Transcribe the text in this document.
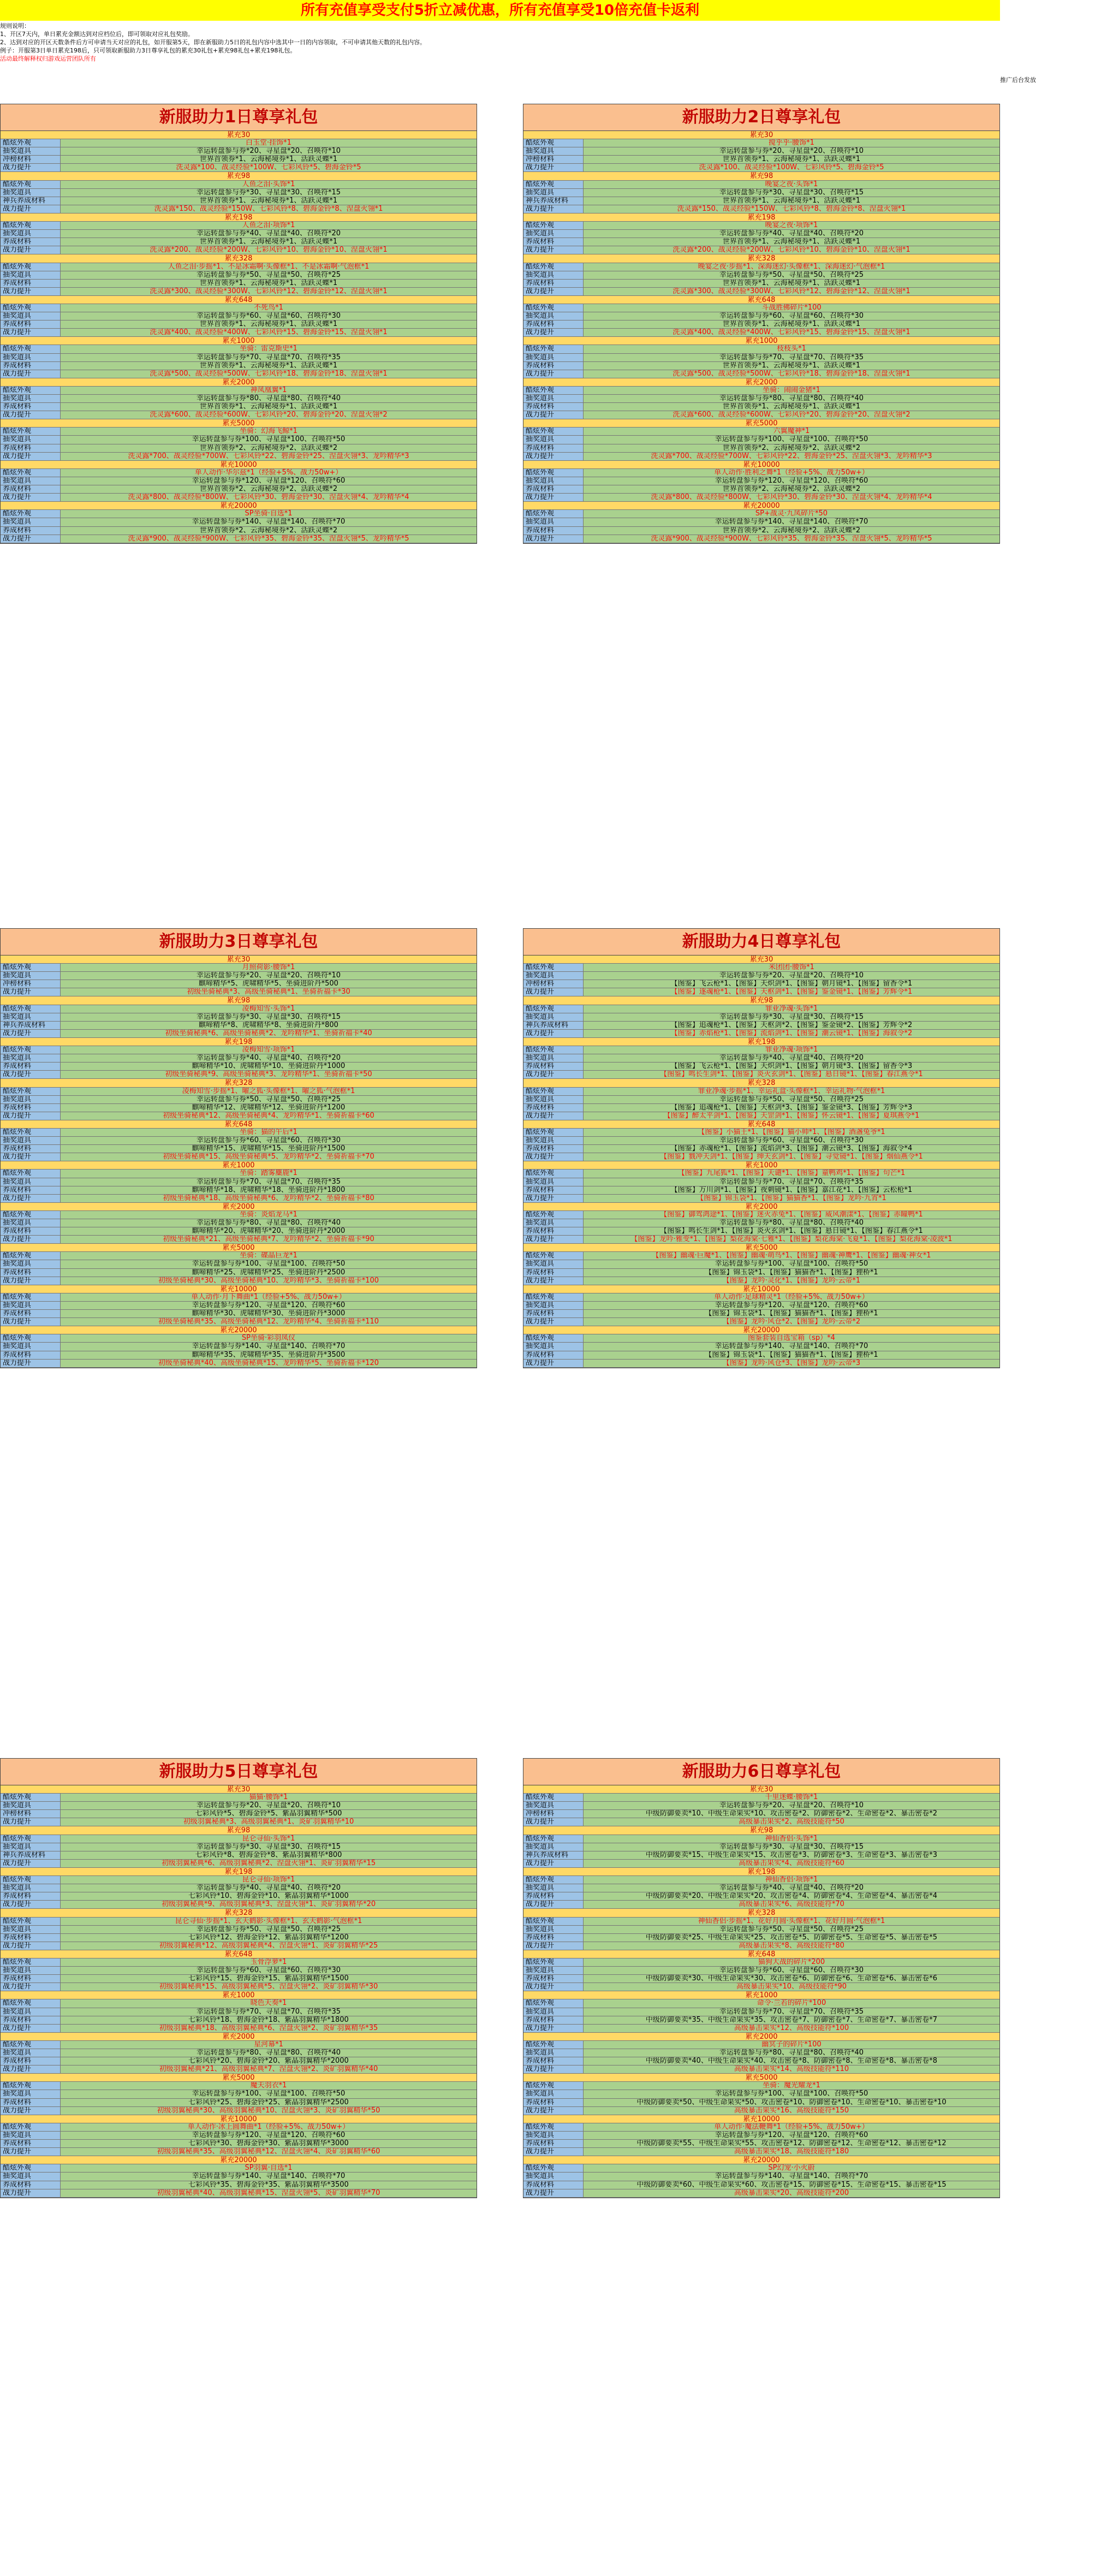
所有充值享受支付5折立减优惠，所有充值享受10倍充值卡返利
规则说明：
1、开区7天内，单日累充金额达到对应档位后，即可领取对应礼包奖励。
2、达到对应的开区天数条件后方可申请当天对应的礼包，如开服第5天，即在新服助力5日的礼包内容中选其中一日的内容领取，不可申请其他天数的礼包内容。
例子：开服第3日单日累充198后，只可领取新服助力3日尊享礼包的累充30礼包+累充98礼包+累充198礼包。
活动最终解释权归游戏运营团队所有
推广后台发放
新服助力1日尊享礼包
累充30
酷炫外观	白玉堂·挂饰*1
抽奖道具	幸运转盘参与券*20、寻星盘*20、召唤符*10
冲榜材料	世界首领券*1、云海秘境券*1、活跃灵蝶*1
战力提升	洗灵露*100、战灵经验*100W、七彩风铃*5、碧海金铃*5
累充98
酷炫外观	人鱼之泪·头饰*1
抽奖道具	幸运转盘参与券*30、寻星盘*30、召唤符*15
神兵养成材料	世界首领券*1、云海秘境券*1、活跃灵蝶*1
战力提升	洗灵露*150、战灵经验*150W、七彩风铃*8、碧海金铃*8、涅盘火翎*1
累充198
酷炫外观	人鱼之泪·项饰*1
抽奖道具	幸运转盘参与券*40、寻星盘*40、召唤符*20
养成材料	世界首领券*1、云海秘境券*1、活跃灵蝶*1
战力提升	洗灵露*200、战灵经验*200W、七彩风铃*10、碧海金铃*10、涅盘火翎*1
累充328
酷炫外观	人鱼之泪·步摇*1、不是冰霜啊·头像框*1、不是冰霜啊·气泡框*1
抽奖道具	幸运转盘参与券*50、寻星盘*50、召唤符*25
养成材料	世界首领券*1、云海秘境券*1、活跃灵蝶*1
战力提升	洗灵露*300、战灵经验*300W、七彩风铃*12、碧海金铃*12、涅盘火翎*1
累充648
酷炫外观	不死鸟*1
抽奖道具	幸运转盘参与券*60、寻星盘*60、召唤符*30
养成材料	世界首领券*1、云海秘境券*1、活跃灵蝶*1
战力提升	洗灵露*400、战灵经验*400W、七彩风铃*15、碧海金铃*15、涅盘火翎*1
累充1000
酷炫外观	坐骑：雷克斯史*1
抽奖道具	幸运转盘参与券*70、寻星盘*70、召唤符*35
养成材料	世界首领券*1、云海秘境券*1、活跃灵蝶*1
战力提升	洗灵露*500、战灵经验*500W、七彩风铃*18、碧海金铃*18、涅盘火翎*1
累充2000
酷炫外观	神凤凰翼*1
抽奖道具	幸运转盘参与券*80、寻星盘*80、召唤符*40
养成材料	世界首领券*1、云海秘境券*1、活跃灵蝶*1
战力提升	洗灵露*600、战灵经验*600W、七彩风铃*20、碧海金铃*20、涅盘火翎*2
累充5000
酷炫外观	坐骑：幻海飞鲸*1
抽奖道具	幸运转盘参与券*100、寻星盘*100、召唤符*50
养成材料	世界首领券*2、云海秘境券*2、活跃灵蝶*2
战力提升	洗灵露*700、战灵经验*700W、七彩风铃*22、碧海金铃*25、涅盘火翎*3、龙吟精华*3
累充10000
酷炫外观	单人动作·华尔兹*1（经验+5%、战力50w+）
抽奖道具	幸运转盘参与券*120、寻星盘*120、召唤符*60
养成材料	世界首领券*2、云海秘境券*2、活跃灵蝶*2
战力提升	洗灵露*800、战灵经验*800W、七彩风铃*30、碧海金铃*30、涅盘火翎*4、龙吟精华*4
累充20000
酷炫外观	SP坐骑·自选*1
抽奖道具	幸运转盘参与券*140、寻星盘*140、召唤符*70
养成材料	世界首领券*2、云海秘境券*2、活跃灵蝶*2
战力提升	洗灵露*900、战灵经验*900W、七彩风铃*35、碧海金铃*35、涅盘火翎*5、龙吟精华*5
新服助力2日尊享礼包
累充30
酷炫外观	搅乎乎·腰饰*1
抽奖道具	幸运转盘参与券*20、寻星盘*20、召唤符*10
冲榜材料	世界首领券*1、云海秘境券*1、活跃灵蝶*1
战力提升	洗灵露*100、战灵经验*100W、七彩风铃*5、碧海金铃*5
累充98
酷炫外观	晚宴之夜·头饰*1
抽奖道具	幸运转盘参与券*30、寻星盘*30、召唤符*15
神兵养成材料	世界首领券*1、云海秘境券*1、活跃灵蝶*1
战力提升	洗灵露*150、战灵经验*150W、七彩风铃*8、碧海金铃*8、涅盘火翎*1
累充198
酷炫外观	晚宴之夜·项饰*1
抽奖道具	幸运转盘参与券*40、寻星盘*40、召唤符*20
养成材料	世界首领券*1、云海秘境券*1、活跃灵蝶*1
战力提升	洗灵露*200、战灵经验*200W、七彩风铃*10、碧海金铃*10、涅盘火翎*1
累充328
酷炫外观	晚宴之夜·步摇*1、深海迷幻·头像框*1、深海迷幻·气泡框*1
抽奖道具	幸运转盘参与券*50、寻星盘*50、召唤符*25
养成材料	世界首领券*1、云海秘境券*1、活跃灵蝶*1
战力提升	洗灵露*300、战灵经验*300W、七彩风铃*12、碧海金铃*12、涅盘火翎*1
累充648
酷炫外观	斗战胜佛碎片*100
抽奖道具	幸运转盘参与券*60、寻星盘*60、召唤符*30
养成材料	世界首领券*1、云海秘境券*1、活跃灵蝶*1
战力提升	洗灵露*400、战灵经验*400W、七彩风铃*15、碧海金铃*15、涅盘火翎*1
累充1000
酷炫外观	枝枝头*1
抽奖道具	幸运转盘参与券*70、寻星盘*70、召唤符*35
养成材料	世界首领券*1、云海秘境券*1、活跃灵蝶*1
战力提升	洗灵露*500、战灵经验*500W、七彩风铃*18、碧海金铃*18、涅盘火翎*1
累充2000
酷炫外观	坐骑：闹闹金猪*1
抽奖道具	幸运转盘参与券*80、寻星盘*80、召唤符*40
养成材料	世界首领券*1、云海秘境券*1、活跃灵蝶*1
战力提升	洗灵露*600、战灵经验*600W、七彩风铃*20、碧海金铃*20、涅盘火翎*2
累充5000
酷炫外观	六翼魔神*1
抽奖道具	幸运转盘参与券*100、寻星盘*100、召唤符*50
养成材料	世界首领券*2、云海秘境券*2、活跃灵蝶*2
战力提升	洗灵露*700、战灵经验*700W、七彩风铃*22、碧海金铃*25、涅盘火翎*3、龙吟精华*3
累充10000
酷炫外观	单人动作·胜利之舞*1（经验+5%、战力50w+）
抽奖道具	幸运转盘参与券*120、寻星盘*120、召唤符*60
养成材料	世界首领券*2、云海秘境券*2、活跃灵蝶*2
战力提升	洗灵露*800、战灵经验*800W、七彩风铃*30、碧海金铃*30、涅盘火翎*4、龙吟精华*4
累充20000
酷炫外观	SP+战灵·九凤碎片*50
抽奖道具	幸运转盘参与券*140、寻星盘*140、召唤符*70
养成材料	世界首领券*2、云海秘境券*2、活跃灵蝶*2
战力提升	洗灵露*900、战灵经验*900W、七彩风铃*35、碧海金铃*35、涅盘火翎*5、龙吟精华*5
新服助力3日尊享礼包
累充30
酷炫外观	月照荷影·腰饰*1
抽奖道具	幸运转盘参与券*20、寻星盘*20、召唤符*10
冲榜材料	麒啼精华*5、虎啸精华*5、坐骑进阶丹*500
战力提升	初级坐骑秘典*3、高级坐骑秘典*1、坐骑祈福卡*30
累充98
酷炫外观	凌梅知雪·头饰*1
抽奖道具	幸运转盘参与券*30、寻星盘*30、召唤符*15
神兵养成材料	麒啼精华*8、虎啸精华*8、坐骑进阶丹*800
战力提升	初级坐骑秘典*6、高级坐骑秘典*2、龙吟精华*1、坐骑祈福卡*40
累充198
酷炫外观	凌梅知雪·项饰*1
抽奖道具	幸运转盘参与券*40、寻星盘*40、召唤符*20
养成材料	麒啼精华*10、虎啸精华*10、坐骑进阶丹*1000
战力提升	初级坐骑秘典*9、高级坐骑秘典*3、龙吟精华*1、坐骑祈福卡*50
累充328
酷炫外观	凌梅知雪·步摇*1、曜之狐·头像框*1、曜之狐·气泡框*1
抽奖道具	幸运转盘参与券*50、寻星盘*50、召唤符*25
养成材料	麒啼精华*12、虎啸精华*12、坐骑进阶丹*1200
战力提升	初级坐骑秘典*12、高级坐骑秘典*4、龙吟精华*1、坐骑祈福卡*60
累充648
酷炫外观	坐骑：猫的午后*1
抽奖道具	幸运转盘参与券*60、寻星盘*60、召唤符*30
养成材料	麒啼精华*15、虎啸精华*15、坐骑进阶丹*1500
战力提升	初级坐骑秘典*15、高级坐骑秘典*5、龙吟精华*2、坐骑祈福卡*70
累充1000
酷炫外观	坐骑：踏雾麋鹿*1
抽奖道具	幸运转盘参与券*70、寻星盘*70、召唤符*35
养成材料	麒啼精华*18、虎啸精华*18、坐骑进阶丹*1800
战力提升	初级坐骑秘典*18、高级坐骑秘典*6、龙吟精华*2、坐骑祈福卡*80
累充2000
酷炫外观	坐骑：炎焰龙马*1
抽奖道具	幸运转盘参与券*80、寻星盘*80、召唤符*40
养成材料	麒啼精华*20、虎啸精华*20、坐骑进阶丹*2000
战力提升	初级坐骑秘典*21、高级坐骑秘典*7、龙吟精华*2、坐骑祈福卡*90
累充5000
酷炫外观	坐骑：碟晶巨龙*1
抽奖道具	幸运转盘参与券*100、寻星盘*100、召唤符*50
养成材料	麒啼精华*25、虎啸精华*25、坐骑进阶丹*2500
战力提升	初级坐骑秘典*30、高级坐骑秘典*10、龙吟精华*3、坐骑祈福卡*100
累充10000
酷炫外观	单人动作·月下舞曲*1（经验+5%、战力50w+）
抽奖道具	幸运转盘参与券*120、寻星盘*120、召唤符*60
养成材料	麒啼精华*30、虎啸精华*30、坐骑进阶丹*3000
战力提升	初级坐骑秘典*35、高级坐骑秘典*12、龙吟精华*4、坐骑祈福卡*110
累充20000
酷炫外观	SP坐骑·彩羽凤仪
抽奖道具	幸运转盘参与券*140、寻星盘*140、召唤符*70
养成材料	麒啼精华*35、虎啸精华*35、坐骑进阶丹*3500
战力提升	初级坐骑秘典*40、高级坐骑秘典*15、龙吟精华*5、坐骑祈福卡*120
新服助力4日尊享礼包
累充30
酷炫外观	米团团·腰饰*1
抽奖道具	幸运转盘参与券*20、寻星盘*20、召唤符*10
冲榜材料	【图鉴】飞云枪*1、【图鉴】天炽剑*1、【图鉴】朝月镜*1、【图鉴】留香令*1
战力提升	【图鉴】逐魂枪*1、【图鉴】天枢剑*1、【图鉴】鉴金镜*1、【图鉴】芳辉令*1
累充98
酷炫外观	罪业净魂·头饰*1
抽奖道具	幸运转盘参与券*30、寻星盘*30、召唤符*15
神兵养成材料	【图鉴】追魂枪*1、【图鉴】天枢剑*2、【图鉴】鉴金镜*2、【图鉴】芳辉令*2
战力提升	【图鉴】赤焰枪*1、【图鉴】流焰剑*1、【图鉴】潮云镜*1、【图鉴】海叙令*2
累充198
酷炫外观	罪业净魂·项饰*1
抽奖道具	幸运转盘参与券*40、寻星盘*40、召唤符*20
养成材料	【图鉴】飞云枪*1、【图鉴】天炽剑*1、【图鉴】朝月镜*3、【图鉴】留香令*3
战力提升	【图鉴】鸣长生剑*1、【图鉴】炎火玄剑*1、【图鉴】悬日镜*1、【图鉴】春江燕令*1
累充328
酷炫外观	罪业净魂·步摇*1、幸运礼盒·头像框*1、幸运礼物·气泡框*1
抽奖道具	幸运转盘参与券*50、寻星盘*50、召唤符*25
养成材料	【图鉴】追魂枪*1、【图鉴】天枢剑*3、【图鉴】鉴金镜*3、【图鉴】芳辉令*3
战力提升	【图鉴】醉太平剑*1、【图鉴】天罡剑*1、【图鉴】怀云镜*1、【图鉴】夏琪燕令*1
累充648
酷炫外观	【图鉴】小猫王*1、【图鉴】猫小帅*1、【图鉴】酒盏兔爷*1
抽奖道具	幸运转盘参与券*60、寻星盘*60、召唤符*30
养成材料	【图鉴】赤魂枪*1、【图鉴】流焰剑*3、【图鉴】潮云镜*3、【图鉴】海叙令*4
战力提升	【图鉴】戮冲天剑*1、【图鉴】绅天玄剑*1、【图鉴】寻觉镜*1、【图鉴】烟仙燕令*1
累充1000
酷炫外观	【图鉴】九尾狐*1、【图鉴】天谴*1、【图鉴】童鸭鸡*1、【图鉴】句芒*1
抽奖道具	幸运转盘参与券*70、寻星盘*70、召唤符*35
养成材料	【图鉴】万川剑*1、【图鉴】夜刺镜*1、【图鉴】嘉江花*1、【图鉴】云松枪*1
战力提升	【图鉴】锦玉袋*1、【图鉴】猫猫香*1、【图鉴】龙吟·九宵*1
累充2000
酷炫外观	【图鉴】御驾鸿途*1、【图鉴】迷火赤兔*1、【图鉴】威风潮漾*1、【图鉴】赤瞳鸭*1
抽奖道具	幸运转盘参与券*80、寻星盘*80、召唤符*40
养成材料	【图鉴】鸣长生剑*1、【图鉴】炎火玄剑*1、【图鉴】悬日镜*1、【图鉴】春江燕令*1
战力提升	【图鉴】龙吟·雅变*1、【图鉴】梨花海棠·七雅*1、【图鉴】梨花海棠·飞夏*1、【图鉴】梨花海棠·凌波*1
累充5000
酷炫外观	【图鉴】幽魂·巨魔*1、【图鉴】幽魂·萌鸟*1、【图鉴】幽魂·神鹰*1、【图鉴】幽魂·神女*1
抽奖道具	幸运转盘参与券*100、寻星盘*100、召唤符*50
养成材料	【图鉴】锦玉袋*1、【图鉴】猫猫香*1、【图鉴】狸桥*1
战力提升	【图鉴】龙吟·灵化*1、【图鉴】龙吟·云帝*1
累充10000
酷炫外观	单人动作·足球精灵*1（经验+5%、战力50w+）
抽奖道具	幸运转盘参与券*120、寻星盘*120、召唤符*60
养成材料	【图鉴】锦玉袋*1、【图鉴】猫猫香*1、【图鉴】狸桥*1
战力提升	【图鉴】龙吟·风仓*2、【图鉴】龙吟·云帝*2
累充20000
酷炫外观	图鉴套装自选宝箱（sp）*4
抽奖道具	幸运转盘参与券*140、寻星盘*140、召唤符*70
养成材料	【图鉴】锦玉袋*1、【图鉴】猫猫香*1、【图鉴】狸桥*1
战力提升	【图鉴】龙吟·风仓*3、【图鉴】龙吟·云帝*3
新服助力5日尊享礼包
累充30
酷炫外观	猫猫·腰饰*1
抽奖道具	幸运转盘参与券*20、寻星盘*20、召唤符*10
冲榜材料	七彩风铃*5、碧海金铃*5、紫晶羽翼精华*500
战力提升	初级羽翼秘典*3、高级羽翼秘典*1、炎矿羽翼精华*10
累充98
酷炫外观	昆仑寻仙·头饰*1
抽奖道具	幸运转盘参与券*30、寻星盘*30、召唤符*15
神兵养成材料	七彩风铃*8、碧海金铃*8、紫晶羽翼精华*800
战力提升	初级羽翼秘典*6、高级羽翼秘典*2、涅盘火翎*1、炎矿羽翼精华*15
累充198
酷炫外观	昆仑寻仙·项饰*1
抽奖道具	幸运转盘参与券*40、寻星盘*40、召唤符*20
养成材料	七彩风铃*10、碧海金铃*10、紫晶羽翼精华*1000
战力提升	初级羽翼秘典*9、高级羽翼秘典*3、涅盘火翎*1、炎矿羽翼精华*20
累充328
酷炫外观	昆仑寻仙·步摇*1、玄天鹤影·头像框*1、玄天鹤影·气泡框*1
抽奖道具	幸运转盘参与券*50、寻星盘*50、召唤符*25
养成材料	七彩风铃*12、碧海金铃*12、紫晶羽翼精华*1200
战力提升	初级羽翼秘典*12、高级羽翼秘典*4、涅盘火翎*1、炎矿羽翼精华*25
累充648
酷炫外观	玉骨浮萝*1
抽奖道具	幸运转盘参与券*60、寻星盘*60、召唤符*30
养成材料	七彩风铃*15、碧海金铃*15、紫晶羽翼精华*1500
战力提升	初级羽翼秘典*15、高级羽翼秘典*5、涅盘火翎*2、炎矿羽翼精华*30
累充1000
酷炫外观	晓色天奏*1
抽奖道具	幸运转盘参与券*70、寻星盘*70、召唤符*35
养成材料	七彩风铃*18、碧海金铃*18、紫晶羽翼精华*1800
战力提升	初级羽翼秘典*18、高级羽翼秘典*6、涅盘火翎*2、炎矿羽翼精华*35
累充2000
酷炫外观	星河幕*1
抽奖道具	幸运转盘参与券*80、寻星盘*80、召唤符*40
养成材料	七彩风铃*20、碧海金铃*20、紫晶羽翼精华*2000
战力提升	初级羽翼秘典*21、高级羽翼秘典*7、涅盘火翎*2、炎矿羽翼精华*40
累充5000
酷炫外观	魔天羽衣*1
抽奖道具	幸运转盘参与券*100、寻星盘*100、召唤符*50
养成材料	七彩风铃*25、碧海金铃*25、紫晶羽翼精华*2500
战力提升	初级羽翼秘典*30、高级羽翼秘典*10、涅盘火翎*3、炎矿羽翼精华*50
累充10000
酷炫外观	单人动作·冰上圆舞曲*1（经验+5%、战力50w+）
抽奖道具	幸运转盘参与券*120、寻星盘*120、召唤符*60
养成材料	七彩风铃*30、碧海金铃*30、紫晶羽翼精华*3000
战力提升	初级羽翼秘典*35、高级羽翼秘典*12、涅盘火翎*4、炎矿羽翼精华*60
累充20000
酷炫外观	SP羽翼·自选*1
抽奖道具	幸运转盘参与券*140、寻星盘*140、召唤符*70
养成材料	七彩风铃*35、碧海金铃*35、紫晶羽翼精华*3500
战力提升	初级羽翼秘典*40、高级羽翼秘典*15、涅盘火翎*5、炎矿羽翼精华*70
新服助力6日尊享礼包
累充30
酷炫外观	千里迷蝶·腰饰*1
抽奖道具	幸运转盘参与券*20、寻星盘*20、召唤符*10
冲榜材料	中级防御要卖*10、中级生命果实*10、攻击密卷*2、防御密卷*2、生命密卷*2、暴击密卷*2
战力提升	高级暴击果实*2、高级技能符*50
累充98
酷炫外观	神仙香侣·头饰*1
抽奖道具	幸运转盘参与券*30、寻星盘*30、召唤符*15
神兵养成材料	中级防御要卖*15、中级生命果实*15、攻击密卷*3、防御密卷*3、生命密卷*3、暴击密卷*3
战力提升	高级暴击果实*4、高级技能符*60
累充198
酷炫外观	神仙香侣·项饰*1
抽奖道具	幸运转盘参与券*40、寻星盘*40、召唤符*20
养成材料	中级防御要卖*20、中级生命果实*20、攻击密卷*4、防御密卷*4、生命密卷*4、暴击密卷*4
战力提升	高级暴击果实*6、高级技能符*70
累充328
酷炫外观	神仙香侣·步摇*1、花好月圆·头像框*1、花好月圆·气泡框*1
抽奖道具	幸运转盘参与券*50、寻星盘*50、召唤符*25
养成材料	中级防御要卖*25、中级生命果实*25、攻击密卷*5、防御密卷*5、生命密卷*5、暴击密卷*5
战力提升	高级暴击果实*8、高级技能符*80
累充648
酷炫外观	猫狗大战的碎片*200
抽奖道具	幸运转盘参与券*60、寻星盘*60、召唤符*30
养成材料	中级防御要卖*30、中级生命果实*30、攻击密卷*6、防御密卷*6、生命密卷*6、暴击密卷*6
战力提升	高级暴击果实*10、高级技能符*90
累充1000
酷炫外观	命令·兰若的碎片*100
抽奖道具	幸运转盘参与券*70、寻星盘*70、召唤符*35
养成材料	中级防御要卖*35、中级生命果实*35、攻击密卷*7、防御密卷*7、生命密卷*7、暴击密卷*7
战力提升	高级暴击果实*12、高级技能符*100
累充2000
酷炫外观	幽冥子的碎片*100
抽奖道具	幸运转盘参与券*80、寻星盘*80、召唤符*40
养成材料	中级防御要卖*40、中级生命果实*40、攻击密卷*8、防御密卷*8、生命密卷*8、暴击密卷*8
战力提升	高级暴击果实*14、高级技能符*110
累充5000
酷炫外观	坐骑：魔光耀龙*1
抽奖道具	幸运转盘参与券*100、寻星盘*100、召唤符*50
养成材料	中级防御要卖*50、中级生命果实*50、攻击密卷*10、防御密卷*10、生命密卷*10、暴击密卷*10
战力提升	高级暴击果实*16、高级技能符*150
累充10000
酷炫外观	单人动作·魔法鞭舞*1（经验+5%、战力50w+）
抽奖道具	幸运转盘参与券*120、寻星盘*120、召唤符*60
养成材料	中级防御要卖*55、中级生命果实*55、攻击密卷*12、防御密卷*12、生命密卷*12、暴击密卷*12
战力提升	高级暴击果实*18、高级技能符*180
累充20000
酷炫外观	SP幻宠·小火蔚
抽奖道具	幸运转盘参与券*140、寻星盘*140、召唤符*70
养成材料	中级防御要卖*60、中级生命果实*60、攻击密卷*15、防御密卷*15、生命密卷*15、暴击密卷*15
战力提升	高级暴击果实*20、高级技能符*200
